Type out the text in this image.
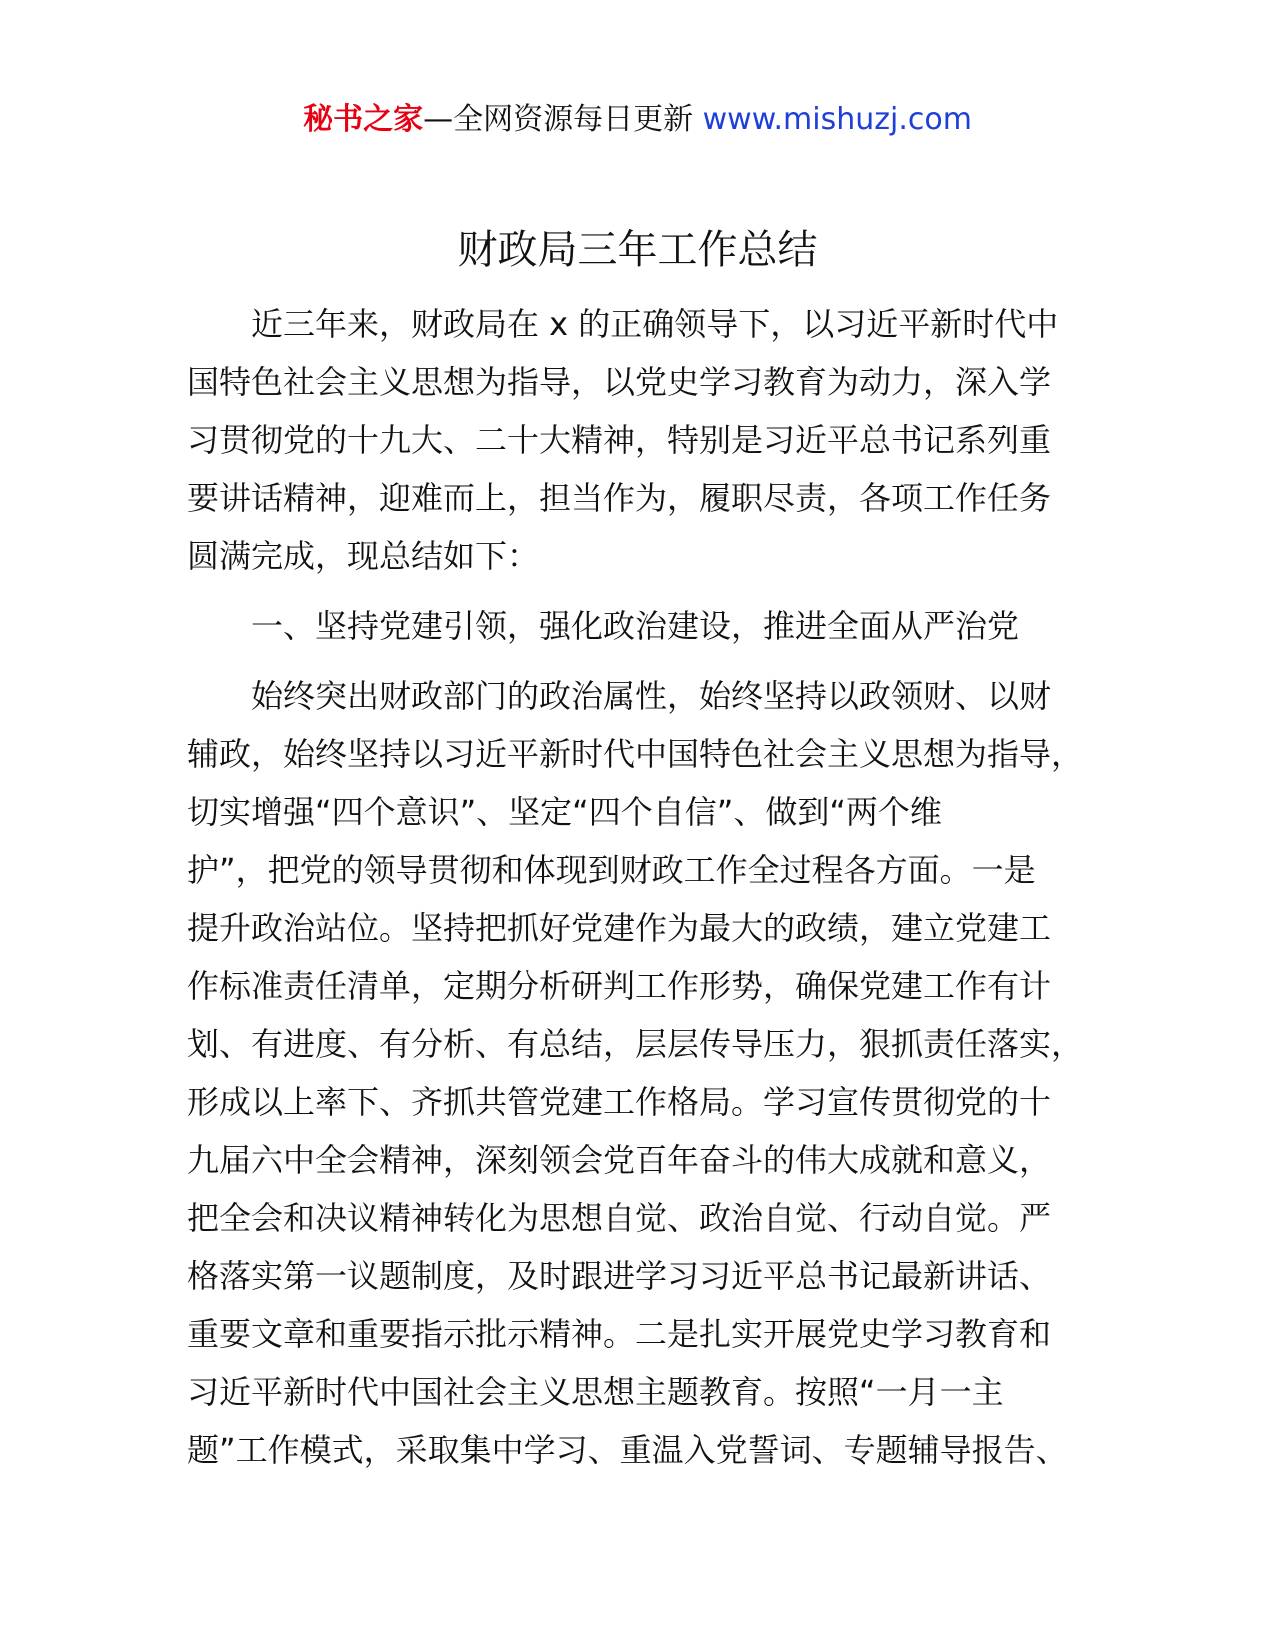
秘书之家—全网资源每日更新 www.mishuzj.com
财政局三年工作总结

　　近三年来，财政局在 x 的正确领导下，以习近平新时代中

国特色社会主义思想为指导，以党史学习教育为动力，深入学

习贯彻党的十九大、二十大精神，特别是习近平总书记系列重

要讲话精神，迎难而上，担当作为，履职尽责，各项工作任务

圆满完成，现总结如下：

　　一、坚持党建引领，强化政治建设，推进全面从严治党

　　始终突出财政部门的政治属性，始终坚持以政领财、以财

辅政，始终坚持以习近平新时代中国特色社会主义思想为指导，

切实增强“四个意识”、坚定“四个自信”、做到“两个维

护”，把党的领导贯彻和体现到财政工作全过程各方面。一是

提升政治站位。坚持把抓好党建作为最大的政绩，建立党建工

作标准责任清单，定期分析研判工作形势，确保党建工作有计

划、有进度、有分析、有总结，层层传导压力，狠抓责任落实，

形成以上率下、齐抓共管党建工作格局。学习宣传贯彻党的十

九届六中全会精神，深刻领会党百年奋斗的伟大成就和意义，

把全会和决议精神转化为思想自觉、政治自觉、行动自觉。严

格落实第一议题制度，及时跟进学习习近平总书记最新讲话、

重要文章和重要指示批示精神。二是扎实开展党史学习教育和

习近平新时代中国社会主义思想主题教育。按照“一月一主

题”工作模式，采取集中学习、重温入党誓词、专题辅导报告、
